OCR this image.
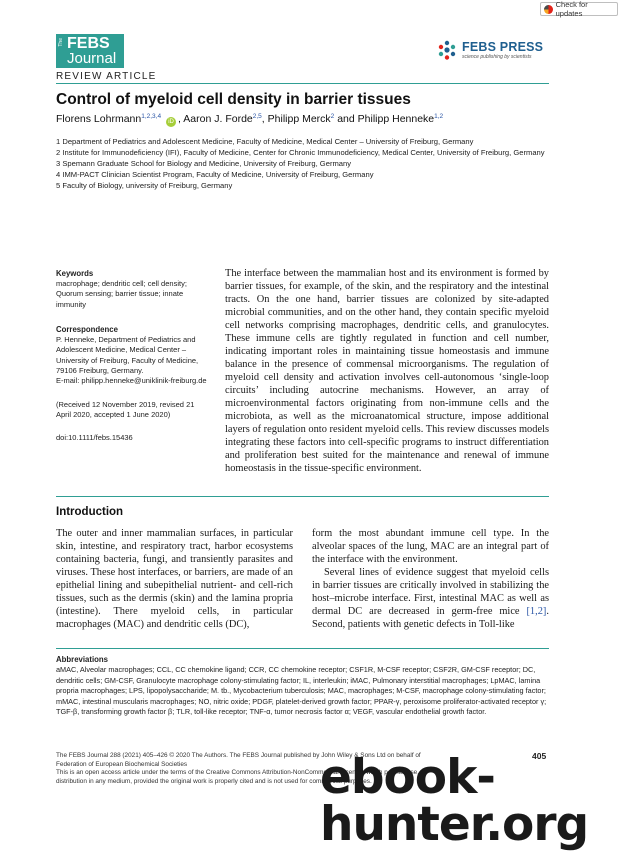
Check for updates
The FEBS
Journal
FEBS PRESS
science publishing by scientists
REVIEW ARTICLE
Control of myeloid cell density in barrier tissues
Florens Lohrmann$^{1,2,3,4}$ iD , Aaron J. Forde$^{2,5}$, Philipp Merck$^2$ and Philipp Henneke$^{1,2}$
1 Department of Pediatrics and Adolescent Medicine, Faculty of Medicine, Medical Center – University of Freiburg, Germany
2 Institute for Immunodeficiency (IFI), Faculty of Medicine, Center for Chronic Immunodeficiency, Medical Center, University of Freiburg, Germany
3 Spemann Graduate School for Biology and Medicine, University of Freiburg, Germany
4 IMM-PACT Clinician Scientist Program, Faculty of Medicine, University of Freiburg, Germany
5 Faculty of Biology, university of Freiburg, Germany
Keywords
macrophage; dendritic cell; cell density; Quorum sensing; barrier tissue; innate immunity
Correspondence
P. Henneke, Department of Pediatrics and Adolescent Medicine, Medical Center – University of Freiburg, Faculty of Medicine, 79106 Freiburg, Germany.
E-mail: philipp.henneke@uniklinik-freiburg.de
(Received 12 November 2019, revised 21 April 2020, accepted 1 June 2020)
doi:10.1111/febs.15436
The interface between the mammalian host and its environment is formed by barrier tissues, for example, of the skin, and the respiratory and the intestinal tracts. On the one hand, barrier tissues are colonized by site-adapted microbial communities, and on the other hand, they contain specific myeloid cell networks comprising macrophages, dendritic cells, and granulocytes. These immune cells are tightly regulated in function and cell number, indicating important roles in maintaining tissue homeostasis and immune balance in the presence of commensal microorganisms. The regulation of myeloid cell density and activation involves cell-autonomous ‘single-loop circuits’ including autocrine mechanisms. However, an array of microenvironmental factors originating from non-immune cells and the microbiota, as well as the microanatomical structure, impose additional layers of regulation onto resident myeloid cells. This review discusses models integrating these factors into cell-specific programs to instruct differentiation and proliferation best suited for the maintenance and renewal of immune homeostasis in the tissue-specific environment.
Introduction

The outer and inner mammalian surfaces, in particular skin, intestine, and respiratory tract, harbor ecosystems containing bacteria, fungi, and transiently parasites and viruses. These host interfaces, or barriers, are made of an epithelial lining and subepithelial nutrient- and cell-rich tissues, such as the dermis (skin) and the lamina propria (intestine). There myeloid cells, in particular macrophages (MAC) and dendritic cells (DC),

form the most abundant immune cell type. In the alveolar spaces of the lung, MAC are an integral part of the interface with the environment.

Several lines of evidence suggest that myeloid cells in barrier tissues are critically involved in stabilizing the host–microbe interface. First, intestinal MAC as well as dermal DC are decreased in germ-free mice [1,2]. Second, patients with genetic defects in Toll-like

Abbreviations
aMAC, Alveolar macrophages; CCL, CC chemokine ligand; CCR, CC chemokine receptor; CSF1R, M-CSF receptor; CSF2R, GM-CSF receptor; DC, dendritic cells; GM-CSF, Granulocyte macrophage colony-stimulating factor; IL, interleukin; iMAC, Pulmonary interstitial macrophages; LpMAC, lamina propria macrophages; LPS, lipopolysaccharide; M. tb., Mycobacterium tuberculosis; MAC, macrophages; M-CSF, macrophage colony-stimulating factor; mMAC, intestinal muscularis macrophages; NO, nitric oxide; PDGF, platelet-derived growth factor; PPAR-γ, peroxisome proliferator-activated receptor γ; TGF-β, transforming growth factor β; TLR, toll-like receptor; TNF-α, tumor necrosis factor α; VEGF, vascular endothelial growth factor.
The FEBS Journal 288 (2021) 405–426 © 2020 The Authors. The FEBS Journal published by John Wiley & Sons Ltd on behalf of
Federation of European Biochemical Societies
This is an open access article under the terms of the Creative Commons Attribution-NonCommercial License, which permits use,
distribution in any medium, provided the original work is properly cited and is not used for commercial purposes.
405
ebook-hunter.org
